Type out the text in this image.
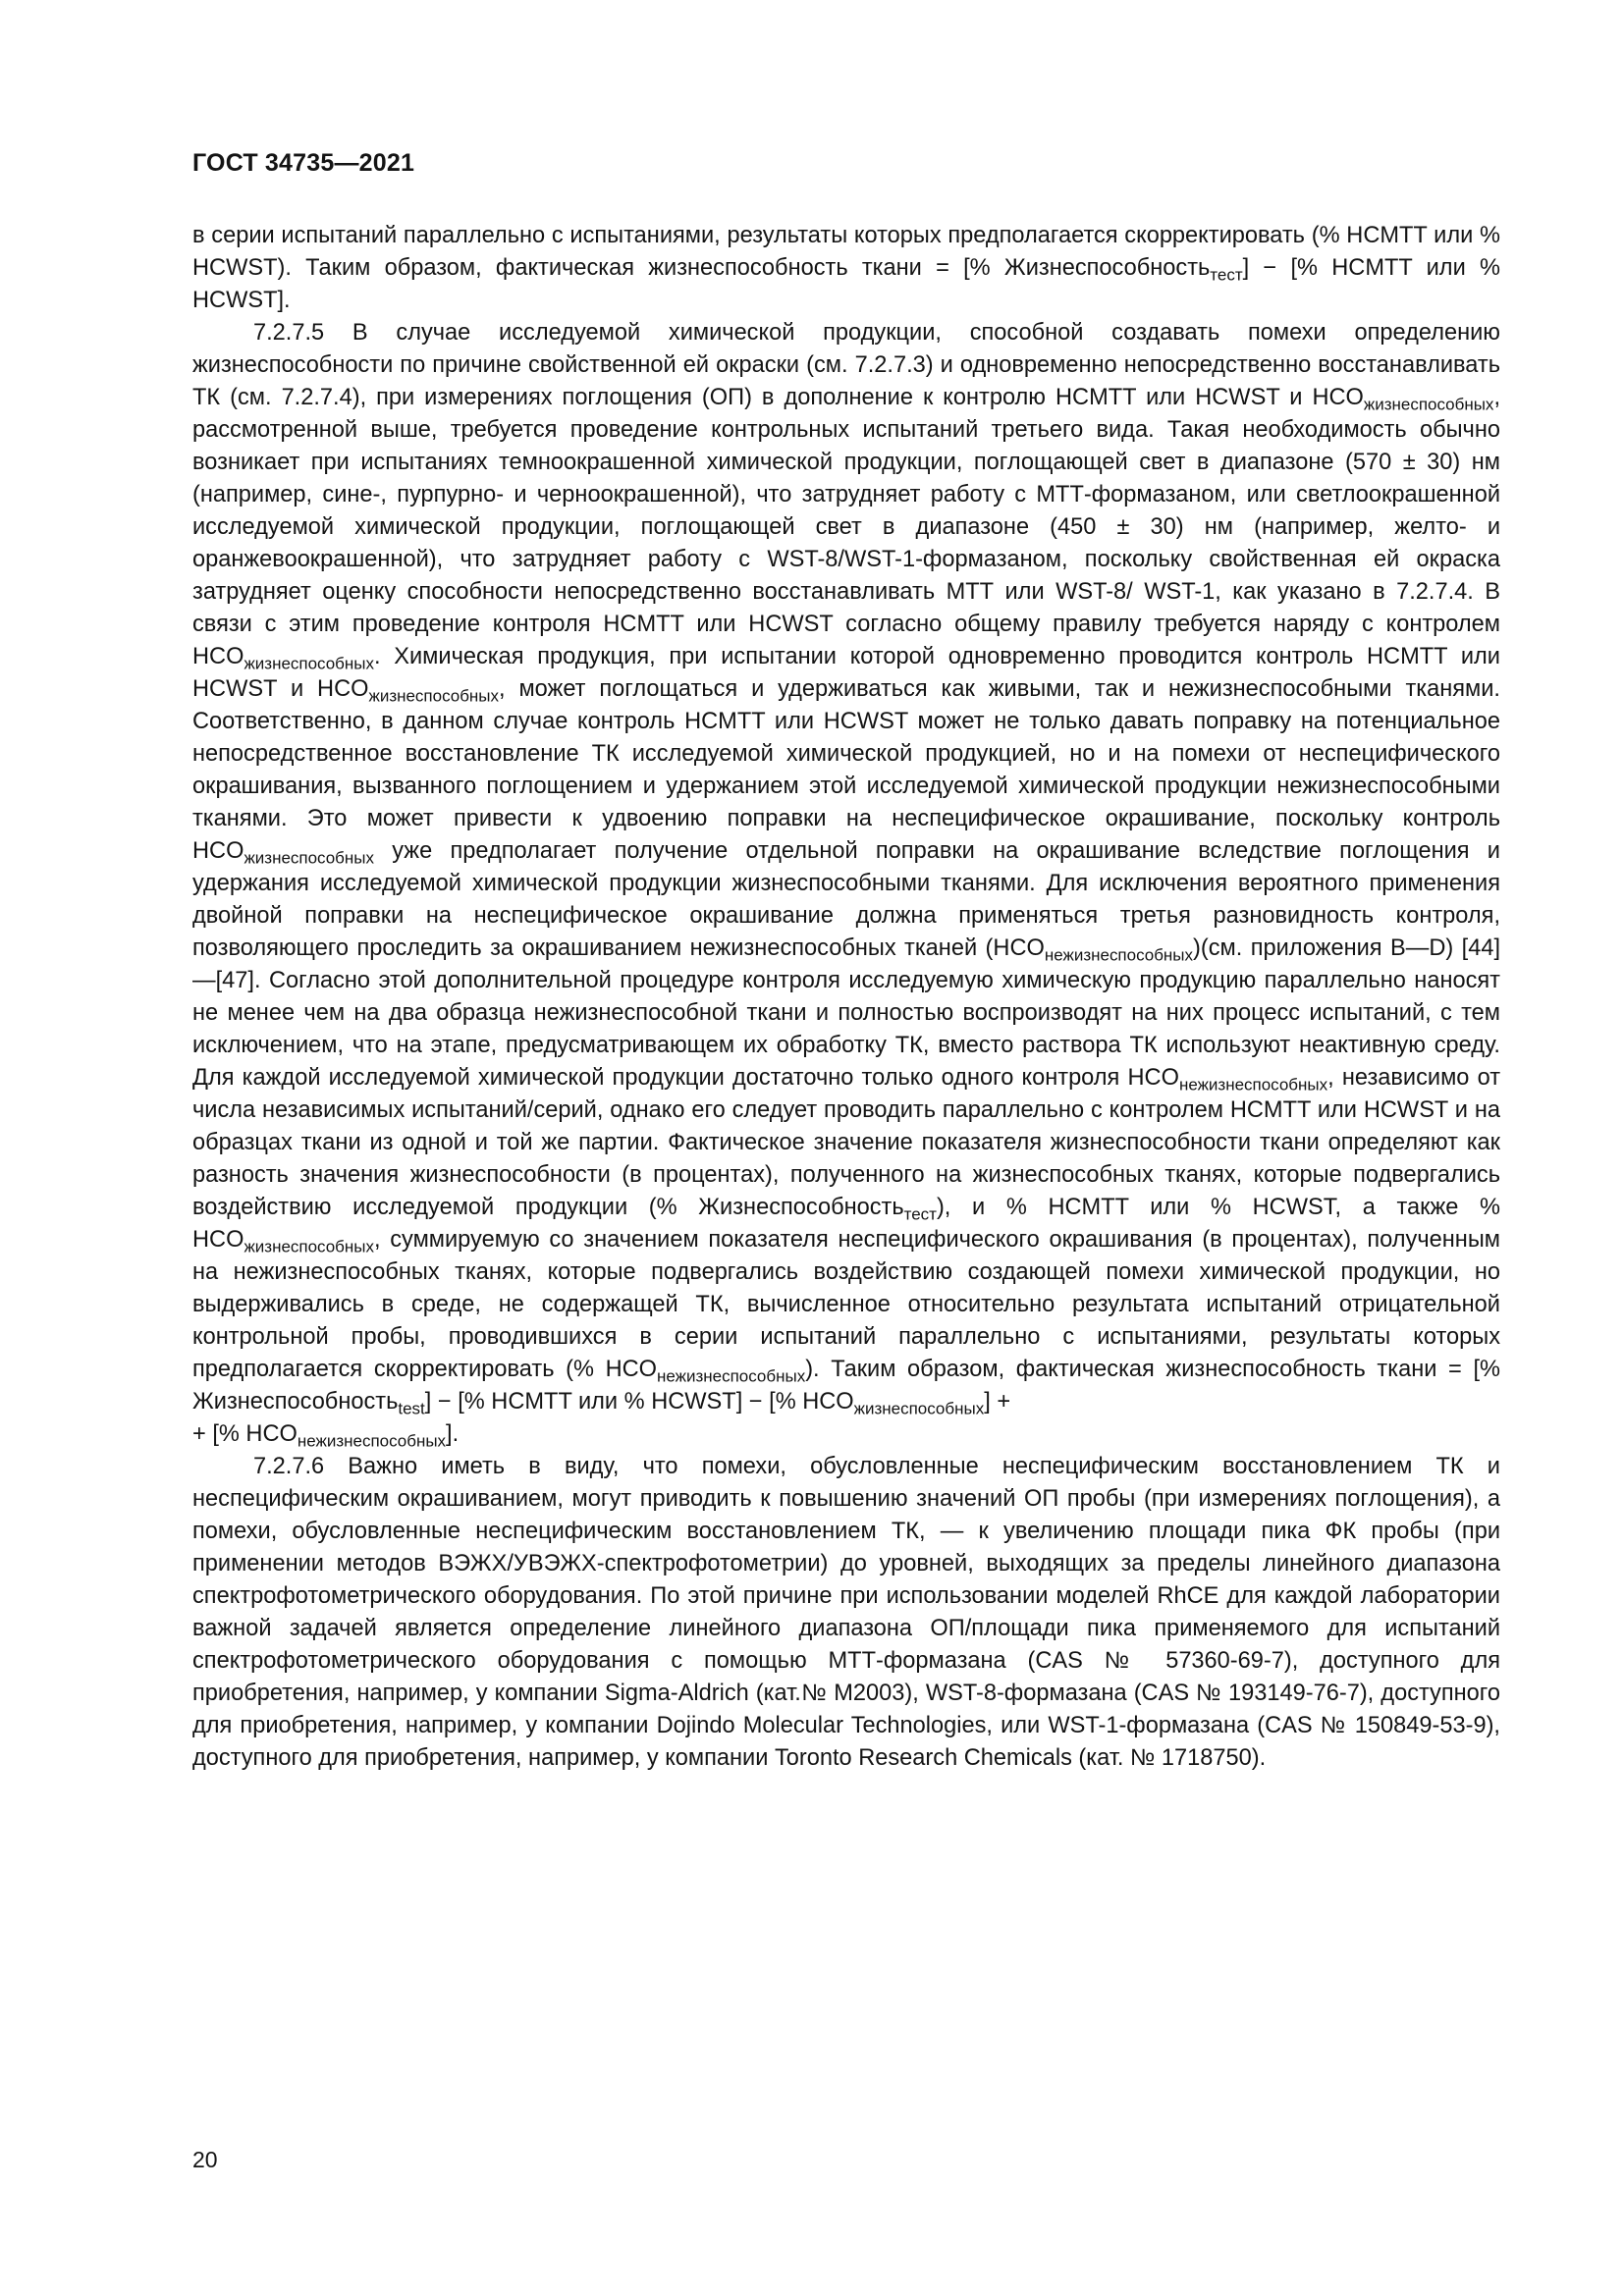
ГОСТ 34735—2021

в серии испытаний параллельно с испытаниями, результаты которых предполагается скорректировать (% HCMTT или % HCWST). Таким образом, фактическая жизнеспособность ткани = [% Жизнеспособность$_{тест}$] − [% HCMTT или % HCWST].

7.2.7.5 В случае исследуемой химической продукции, способной создавать помехи определению жизнеспособности по причине свойственной ей окраски (см. 7.2.7.3) и одновременно непосредственно восстанавливать ТК (см. 7.2.7.4), при измерениях поглощения (ОП) в дополнение к контролю HCMTT или HCWST и $HCO_{жизнеспособных}$, рассмотренной выше, требуется проведение контрольных испытаний третьего вида. Такая необходимость обычно возникает при испытаниях темноокрашенной химической продукции, поглощающей свет в диапазоне (570 ± 30) нм (например, сине-, пурпурно- и черноокрашенной), что затрудняет работу с МТТ-формазаном, или светлоокрашенной исследуемой химической продукции, поглощающей свет в диапазоне (450 ± 30) нм (например, желто- и оранжевоокрашенной), что затрудняет работу с WST-8/WST-1-формазаном, поскольку свойственная ей окраска затрудняет оценку способности непосредственно восстанавливать МТТ или WST-8/ WST-1, как указано в 7.2.7.4. В связи с этим проведение контроля HCMTT или HCWST согласно общему правилу требуется наряду с контролем $HCO_{жизнеспособных}$. Химическая продукция, при испытании которой одновременно проводится контроль HCMTT или HCWST и $HCO_{жизнеспособных}$, может поглощаться и удерживаться как живыми, так и нежизнеспособными тканями. Соответственно, в данном случае контроль HCMTT или HCWST может не только давать поправку на потенциальное непосредственное восстановление ТК исследуемой химической продукцией, но и на помехи от неспецифического окрашивания, вызванного поглощением и удержанием этой исследуемой химической продукции нежизнеспособными тканями. Это может привести к удвоению поправки на неспецифическое окрашивание, поскольку контроль $HCO_{жизнеспособных}$ уже предполагает получение отдельной поправки на окрашивание вследствие поглощения и удержания исследуемой химической продукции жизнеспособными тканями. Для исключения вероятного применения двойной поправки на неспецифическое окрашивание должна применяться третья разновидность контроля, позволяющего проследить за окрашиванием нежизнеспособных тканей $(HCO_{нежизнеспособных})(см$. приложения В—D) [44]—[47]. Согласно этой дополнительной процедуре контроля исследуемую химическую продукцию параллельно наносят не менее чем на два образца нежизнеспособной ткани и полностью воспроизводят на них процесс испытаний, с тем исключением, что на этапе, предусматривающем их обработку ТК, вместо раствора ТК используют неактивную среду. Для каждой исследуемой химической продукции достаточно только одного контроля $HCO_{нежизнеспособных}$, независимо от числа независимых испытаний/серий, однако его следует проводить параллельно с контролем HCMTT или HCWST и на образцах ткани из одной и той же партии. Фактическое значение показателя жизнеспособности ткани определяют как разность значения жизнеспособности (в процентах), полученного на жизнеспособных тканях, которые подвергались воздействию исследуемой продукции (% Жизнеспособность$_{тест}$), и % HCMTT или % HCWST, а также % $HCO_{жизнеспособных}$, суммируемую со значением показателя неспецифического окрашивания (в процентах), полученным на нежизнеспособных тканях, которые подвергались воздействию создающей помехи химической продукции, но выдерживались в среде, не содержащей ТК, вычисленное относительно результата испытаний отрицательной контрольной пробы, проводившихся в серии испытаний параллельно с испытаниями, результаты которых предполагается скорректировать (% $HCO_{нежизнеспособных}$). Таким образом, фактическая жизнеспособность ткани = [% Жизнеспособность$_{test}$] − [% HCMTT или % HCWST] − [% $HCO_{жизнеспособных}$] +

+ [% $HCO_{нежизнеспособных}$].

7.2.7.6 Важно иметь в виду, что помехи, обусловленные неспецифическим восстановлением ТК и неспецифическим окрашиванием, могут приводить к повышению значений ОП пробы (при измерениях поглощения), а помехи, обусловленные неспецифическим восстановлением ТК, — к увеличению площади пика ФК пробы (при применении методов ВЭЖХ/УВЭЖХ-спектрофотометрии) до уровней, выходящих за пределы линейного диапазона спектрофотометрического оборудования. По этой причине при использовании моделей RhCE для каждой лаборатории важной задачей является определение линейного диапазона ОП/площади пика применяемого для испытаний спектрофотометрического оборудования с помощью МТТ-формазана (CAS № 57360-69-7), доступного для приобретения, например, у компании Sigma-Aldrich (кат.№ M2003), WST-8-формазана (CAS № 193149-76-7), доступного для приобретения, например, у компании Dojindo Molecular Technologies, или WST-1-формазана (CAS № 150849-53-9), доступного для приобретения, например, у компании Toronto Research Chemicals (кат. № 1718750).

20
